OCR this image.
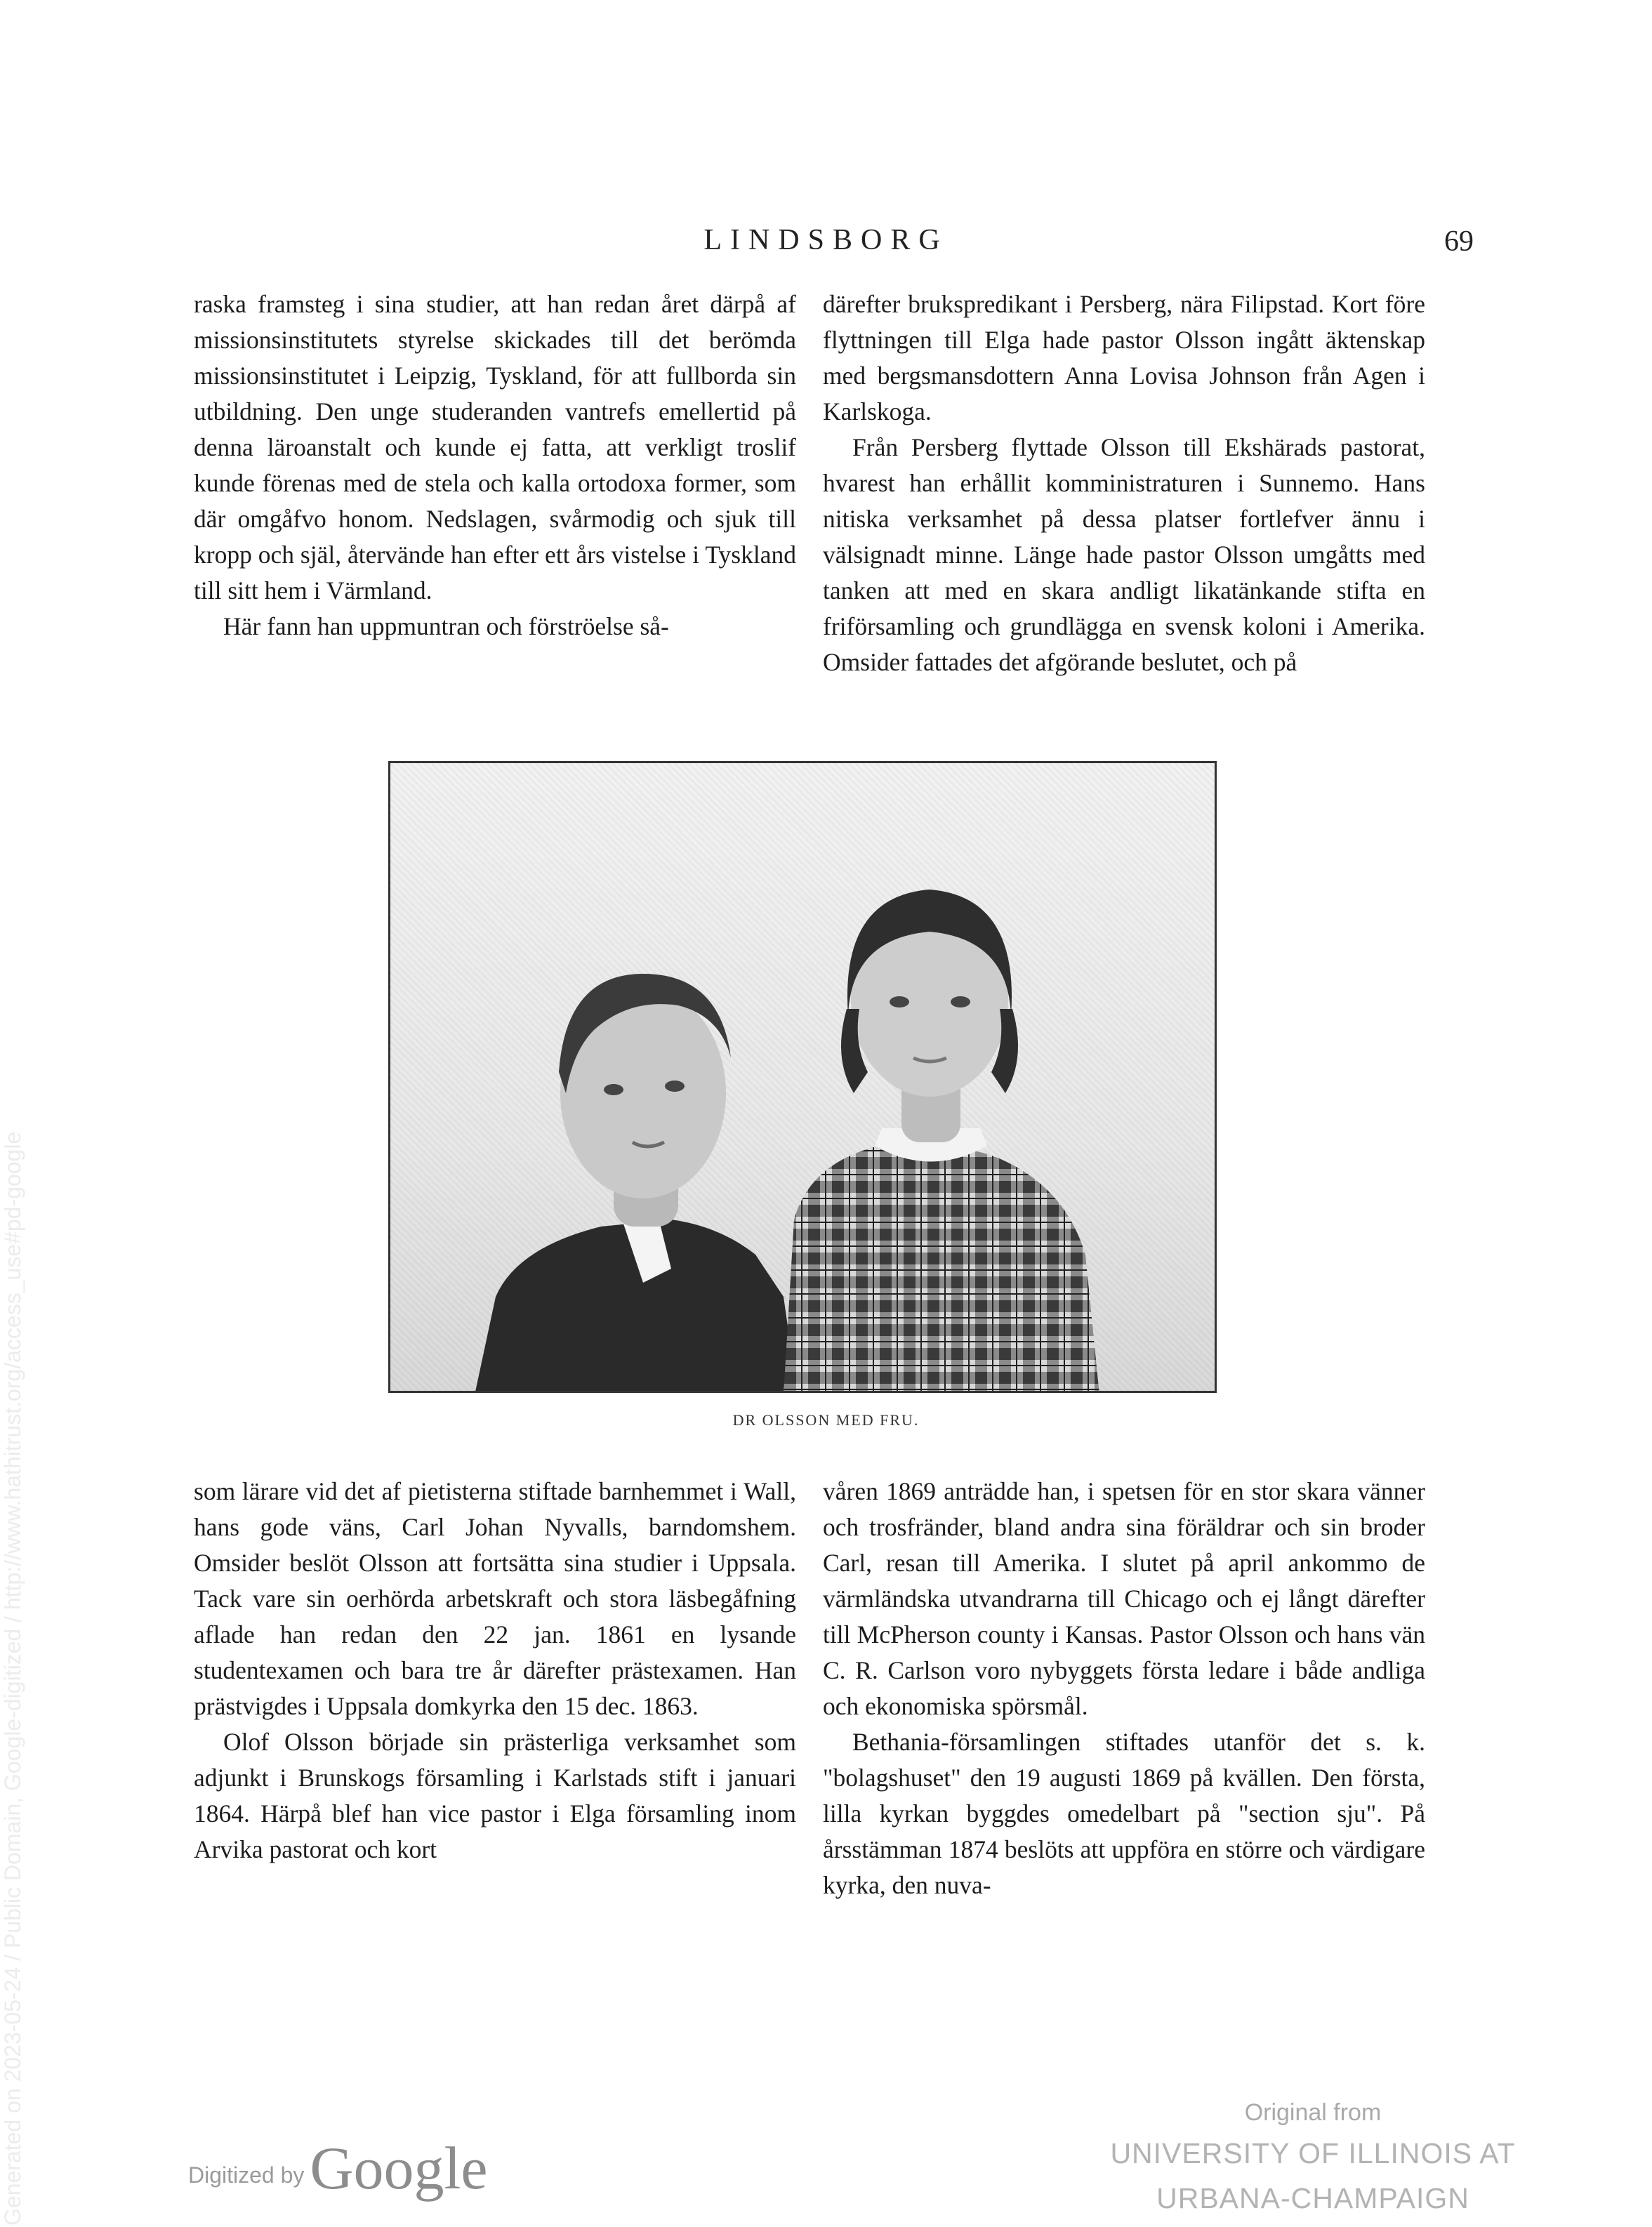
LINDSBORG	69

raska framsteg i sina studier, att han redan året därpå af missionsinstitutets styrelse skickades till det berömda missionsinstitutet i Leipzig, Tyskland, för att fullborda sin utbildning. Den unge studeranden vantrefs emellertid på denna läroanstalt och kunde ej fatta, att verkligt troslif kunde förenas med de stela och kalla ortodoxa former, som där omgåfvo honom. Nedslagen, svårmodig och sjuk till kropp och själ, återvände han efter ett års vistelse i Tyskland till sitt hem i Värmland.

Här fann han uppmuntran och förströelse så-

därefter brukspredikant i Persberg, nära Filipstad. Kort före flyttningen till Elga hade pastor Olsson ingått äktenskap med bergsmansdottern Anna Lovisa Johnson från Agen i Karlskoga.

Från Persberg flyttade Olsson till Ekshärads pastorat, hvarest han erhållit komministraturen i Sunnemo. Hans nitiska verksamhet på dessa platser fortlefver ännu i välsignadt minne. Länge hade pastor Olsson umgåtts med tanken att med en skara andligt likatänkande stifta en friförsamling och grundlägga en svensk koloni i Amerika. Omsider fattades det afgörande beslutet, och på

DR OLSSON MED FRU.

som lärare vid det af pietisterna stiftade barnhemmet i Wall, hans gode väns, Carl Johan Nyvalls, barndomshem. Omsider beslöt Olsson att fortsätta sina studier i Uppsala. Tack vare sin oerhörda arbetskraft och stora läsbegåfning aflade han redan den 22 jan. 1861 en lysande studentexamen och bara tre år därefter prästexamen. Han prästvigdes i Uppsala domkyrka den 15 dec. 1863.

Olof Olsson började sin prästerliga verksamhet som adjunkt i Brunskogs församling i Karlstads stift i januari 1864. Härpå blef han vice pastor i Elga församling inom Arvika pastorat och kort

våren 1869 anträdde han, i spetsen för en stor skara vänner och trosfränder, bland andra sina föräldrar och sin broder Carl, resan till Amerika. I slutet på april ankommo de värmländska utvandrarna till Chicago och ej långt därefter till McPherson county i Kansas. Pastor Olsson och hans vän C. R. Carlson voro nybyggets första ledare i både andliga och ekonomiska spörsmål.

Bethania-församlingen stiftades utanför det s. k. "bolagshuset" den 19 augusti 1869 på kvällen. Den första, lilla kyrkan byggdes omedelbart på "section sju". På årsstämman 1874 beslöts att uppföra en större och värdigare kyrka, den nuva-

Generated on 2023-05-24 / Public Domain, Google-digitized / http://www.hathitrust.org/access_use#pd-google	Digitized byGoogle
Original from
UNIVERSITY OF ILLINOIS AT
URBANA-CHAMPAIGN
